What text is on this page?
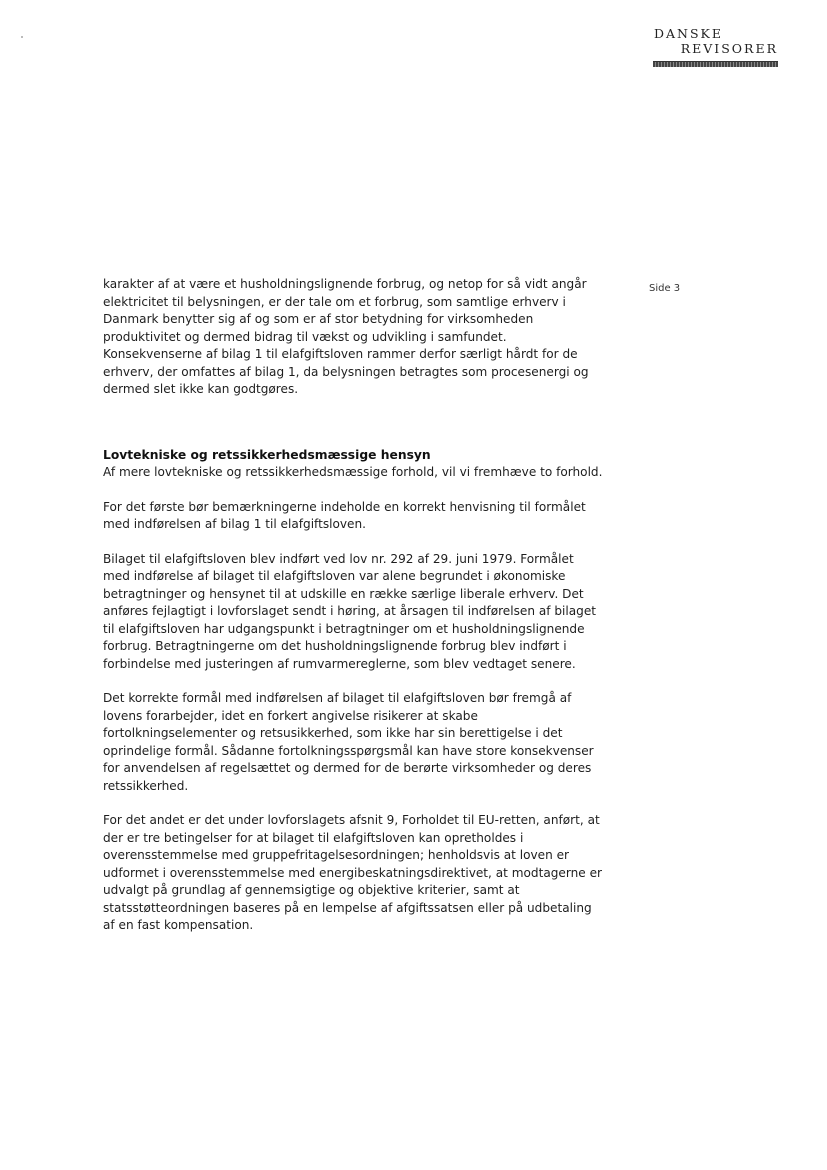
DANSKE
REVISORER
Side 3

karakter af at være et husholdningslignende forbrug, og netop for så vidt angår elektricitet til belysningen, er der tale om et forbrug, som samtlige erhverv i Danmark benytter sig af og som er af stor betydning for virksomheden produktivitet og dermed bidrag til vækst og udvikling i samfundet. Konsekvenserne af bilag 1 til elafgiftsloven rammer derfor særligt hårdt for de erhverv, der omfattes af bilag 1, da belysningen betragtes som procesenergi og dermed slet ikke kan godtgøres.

Lovtekniske og retssikkerhedsmæssige hensyn

Af mere lovtekniske og retssikkerhedsmæssige forhold, vil vi fremhæve to forhold.

For det første bør bemærkningerne indeholde en korrekt henvisning til formålet med indførelsen af bilag 1 til elafgiftsloven.

Bilaget til elafgiftsloven blev indført ved lov nr. 292 af 29. juni 1979. Formålet med indførelse af bilaget til elafgiftsloven var alene begrundet i økonomiske betragtninger og hensynet til at udskille en række særlige liberale erhverv. Det anføres fejlagtigt i lovforslaget sendt i høring, at årsagen til indførelsen af bilaget til elafgiftsloven har udgangspunkt i betragtninger om et husholdningslignende forbrug. Betragtningerne om det husholdningslignende forbrug blev indført i forbindelse med justeringen af rumvarmereglerne, som blev vedtaget senere.

Det korrekte formål med indførelsen af bilaget til elafgiftsloven bør fremgå af lovens forarbejder, idet en forkert angivelse risikerer at skabe fortolkningselementer og retsusikkerhed, som ikke har sin berettigelse i det oprindelige formål. Sådanne fortolkningsspørgsmål kan have store konsekvenser for anvendelsen af regelsættet og dermed for de berørte virksomheder og deres retssikkerhed.

For det andet er det under lovforslagets afsnit 9, Forholdet til EU-retten, anført, at der er tre betingelser for at bilaget til elafgiftsloven kan opretholdes i overensstemmelse med gruppefritagelsesordningen; henholdsvis at loven er udformet i overensstemmelse med energibeskatningsdirektivet, at modtagerne er udvalgt på grundlag af gennemsigtige og objektive kriterier, samt at statsstøtteordningen baseres på en lempelse af afgiftssatsen eller på udbetaling af en fast kompensation.
